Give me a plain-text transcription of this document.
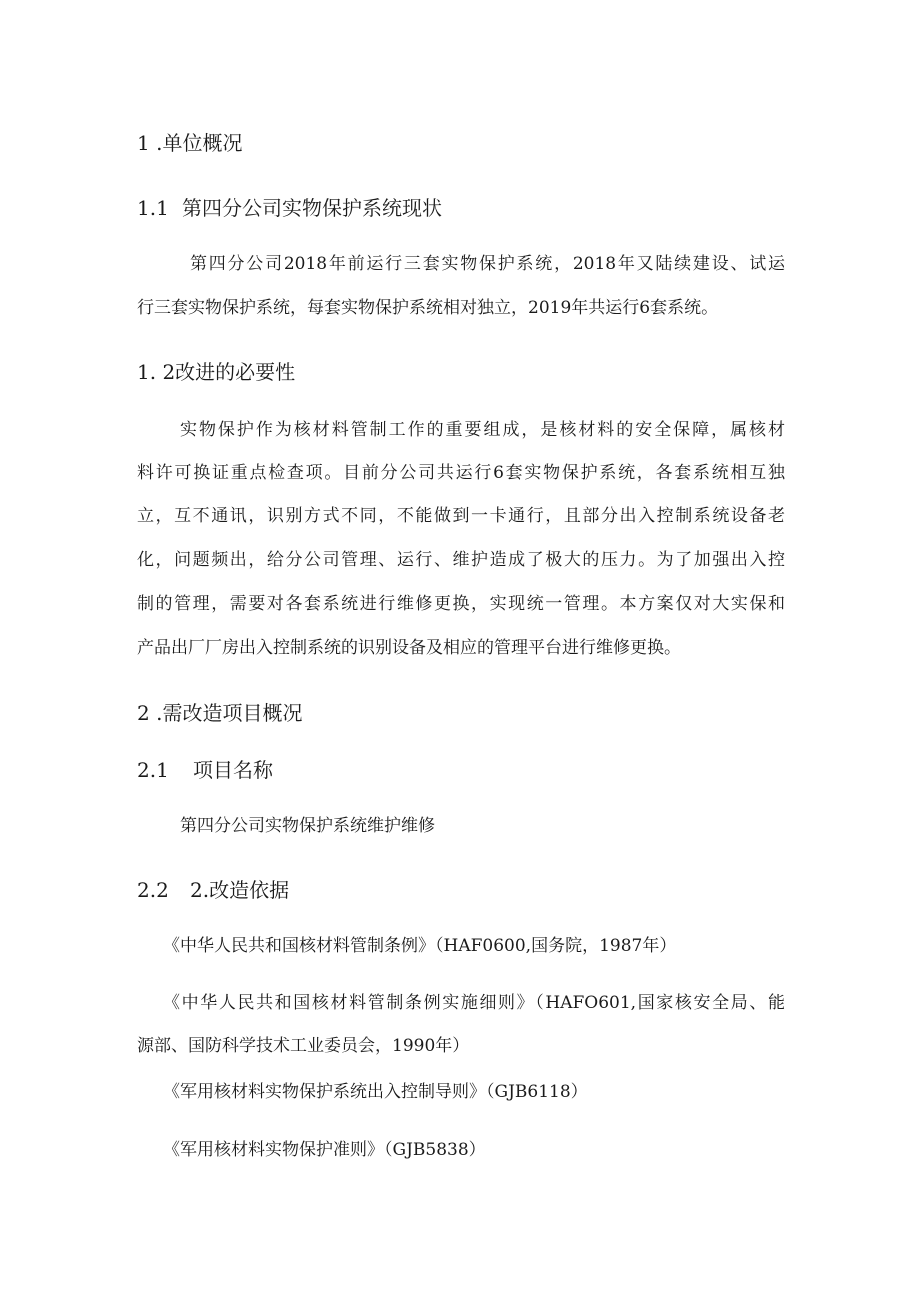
1 .单位概况
1.1 第四分公司实物保护系统现状
第四分公司2018年前运行三套实物保护系统，2018年又陆续建设、试运
行三套实物保护系统，每套实物保护系统相对独立，2019年共运行6套系统。
1. 2改进的必要性
实物保护作为核材料管制工作的重要组成，是核材料的安全保障，属核材
料许可换证重点检查项。目前分公司共运行6套实物保护系统，各套系统相互独
立，互不通讯，识别方式不同，不能做到一卡通行，且部分出入控制系统设备老
化，问题频出，给分公司管理、运行、维护造成了极大的压力。为了加强出入控
制的管理，需要对各套系统进行维修更换，实现统一管理。本方案仅对大实保和
产品出厂厂房出入控制系统的识别设备及相应的管理平台进行维修更换。
2 .需改造项目概况
2.1 项目名称
第四分公司实物保护系统维护维修
2.2 2.改造依据
《中华人民共和国核材料管制条例》（HAF0600,国务院，1987年）
《中华人民共和国核材料管制条例实施细则》（HAFO601,国家核安全局、能
源部、国防科学技术工业委员会，1990年）
《军用核材料实物保护系统出入控制导则》（GJB6118）
《军用核材料实物保护准则》（GJB5838）
